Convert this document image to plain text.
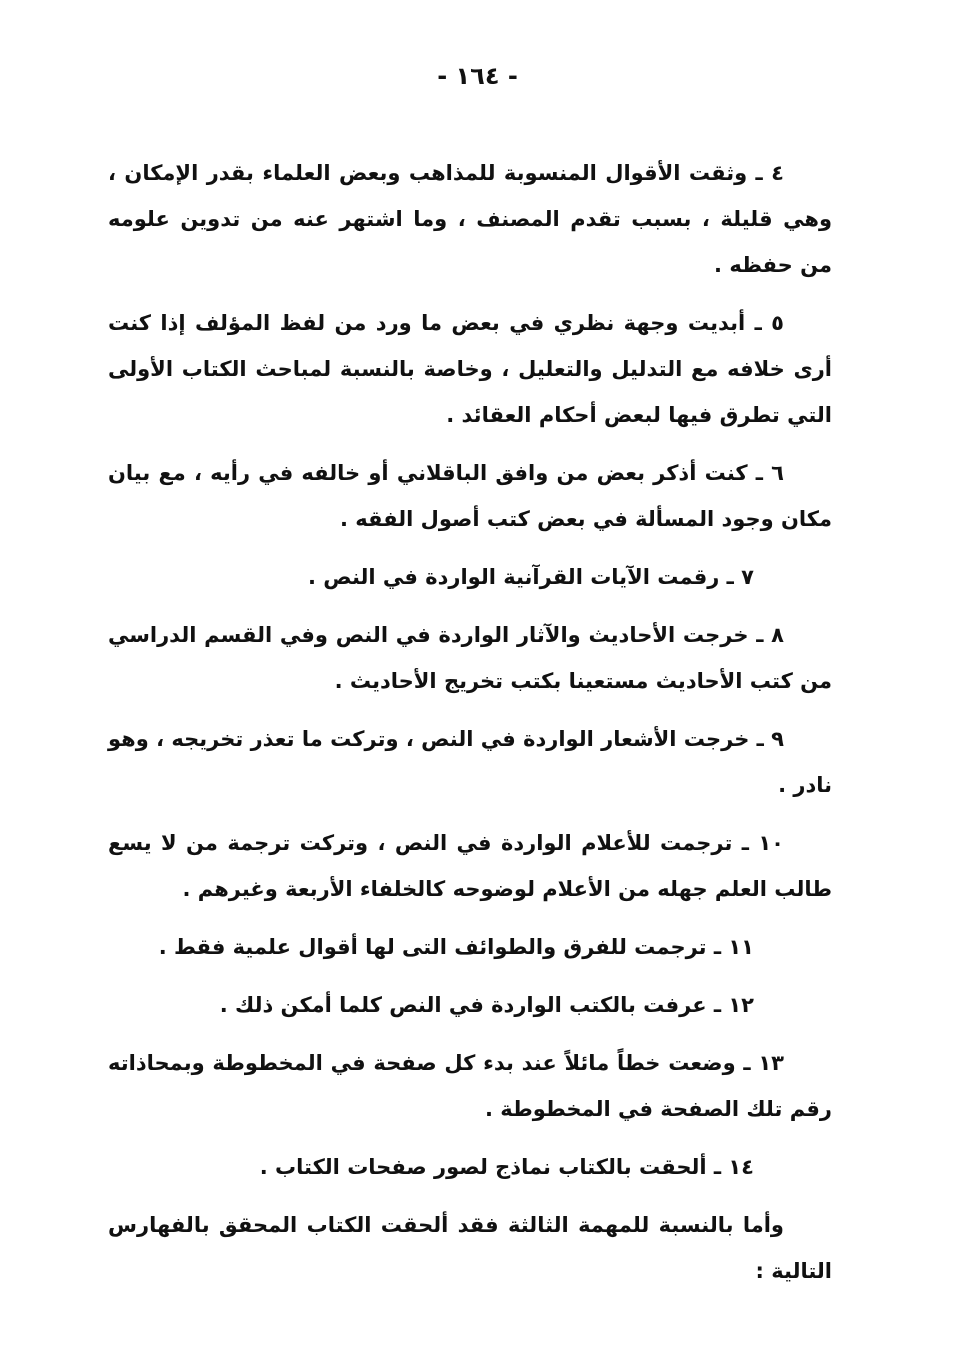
- ١٦٤ -

٤ ـ وثقت الأقوال المنسوبة للمذاهب وبعض العلماء بقدر الإمكان ، وهي قليلة ، بسبب تقدم المصنف ، وما اشتهر عنه من تدوين علومه من حفظه .

٥ ـ أبديت وجهة نظري في بعض ما ورد من لفظ المؤلف إذا كنت أرى خلافه مع التدليل والتعليل ، وخاصة بالنسبة لمباحث الكتاب الأولى التي تطرق فيها لبعض أحكام العقائد .

٦ ـ كنت أذكر بعض من وافق الباقلاني أو خالفه في رأيه ، مع بيان مكان وجود المسألة في بعض كتب أصول الفقه .

٧ ـ رقمت الآيات القرآنية الواردة في النص .

٨ ـ خرجت الأحاديث والآثار الواردة في النص وفي القسم الدراسي من كتب الأحاديث مستعينا بكتب تخريج الأحاديث .

٩ ـ خرجت الأشعار الواردة في النص ، وتركت ما تعذر تخريجه ، وهو نادر .

١٠ ـ ترجمت للأعلام الواردة في النص ، وتركت ترجمة من لا يسع طالب العلم جهله من الأعلام لوضوحه كالخلفاء الأربعة وغيرهم .

١١ ـ ترجمت للفرق والطوائف التى لها أقوال علمية فقط .

١٢ ـ عرفت بالكتب الواردة في النص كلما أمكن ذلك .

١٣ ـ وضعت خطاً مائلاً عند بدء كل صفحة في المخطوطة وبمحاذاته رقم تلك الصفحة في المخطوطة .

١٤ ـ ألحقت بالكتاب نماذج لصور صفحات الكتاب .

وأما بالنسبة للمهمة الثالثة فقد ألحقت الكتاب المحقق بالفهارس التالية :
